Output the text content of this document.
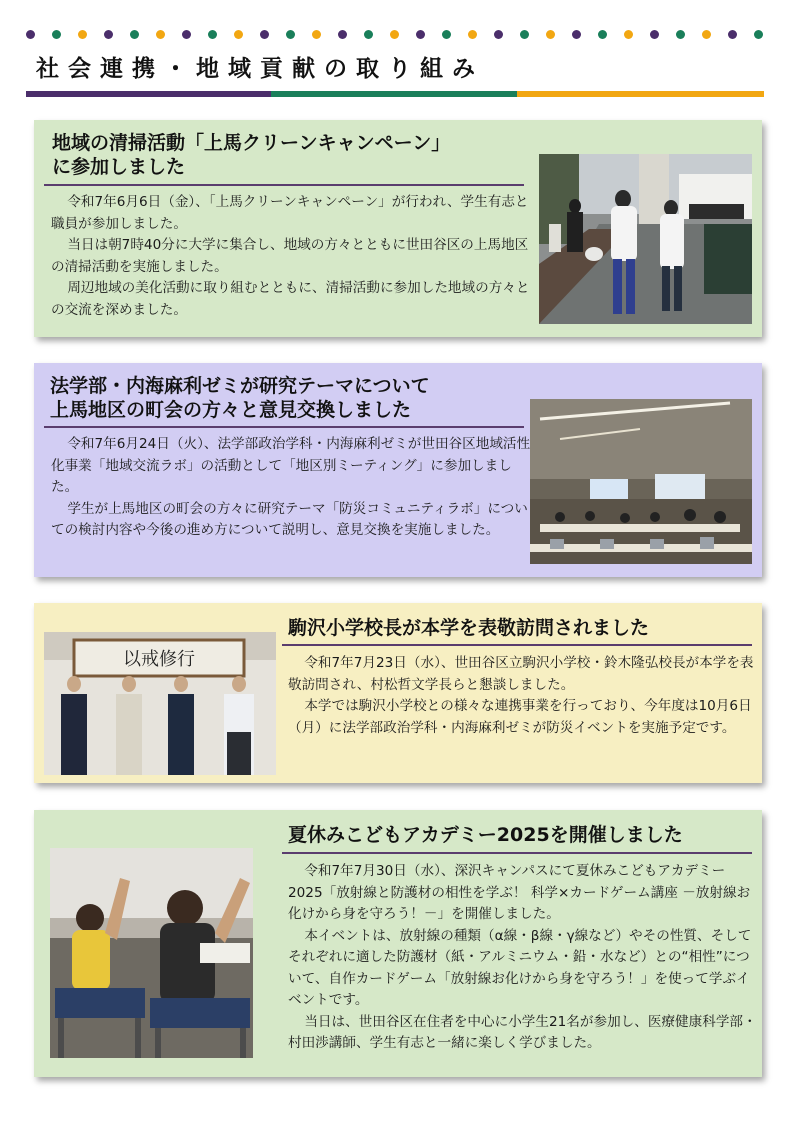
社会連携・地域貢献の取り組み
地域の清掃活動「上馬クリーンキャンペーン」
に参加しました

令和7年6月6日（金）、「上馬クリーンキャンペーン」が行われ、学生有志と職員が参加しました。

当日は朝7時40分に大学に集合し、地域の方々とともに世田谷区の上馬地区の清掃活動を実施しました。

周辺地域の美化活動に取り組むとともに、清掃活動に参加した地域の方々との交流を深めました。

法学部・内海麻利ゼミが研究テーマについて
上馬地区の町会の方々と意見交換しました

令和7年6月24日（火）、法学部政治学科・内海麻利ゼミが世田谷区地域活性化事業「地域交流ラボ」の活動として「地区別ミーティング」に参加しました。

学生が上馬地区の町会の方々に研究テーマ「防災コミュニティラボ」についての検討内容や今後の進め方について説明し、意見交換を実施しました。

駒沢小学校長が本学を表敬訪問されました

令和7年7月23日（水）、世田谷区立駒沢小学校・鈴木隆弘校長が本学を表敬訪問され、村松哲文学長らと懇談しました。

本学では駒沢小学校との様々な連携事業を行っており、今年度は10月6日（月）に法学部政治学科・内海麻利ゼミが防災イベントを実施予定です。

以戒修行
夏休みこどもアカデミー2025を開催しました

令和7年7月30日（水）、深沢キャンパスにて夏休みこどもアカデミー2025「放射線と防護材の相性を学ぶ！ 科学×カードゲーム講座 －放射線お化けから身を守ろう！－」を開催しました。

本イベントは、放射線の種類（α線・β線・γ線など）やその性質、そしてそれぞれに適した防護材（紙・アルミニウム・鉛・水など）との“相性”について、自作カードゲーム「放射線お化けから身を守ろう！」を使って学ぶイベントです。

当日は、世田谷区在住者を中心に小学生21名が参加し、医療健康科学部・村田渉講師、学生有志と一緒に楽しく学びました。
